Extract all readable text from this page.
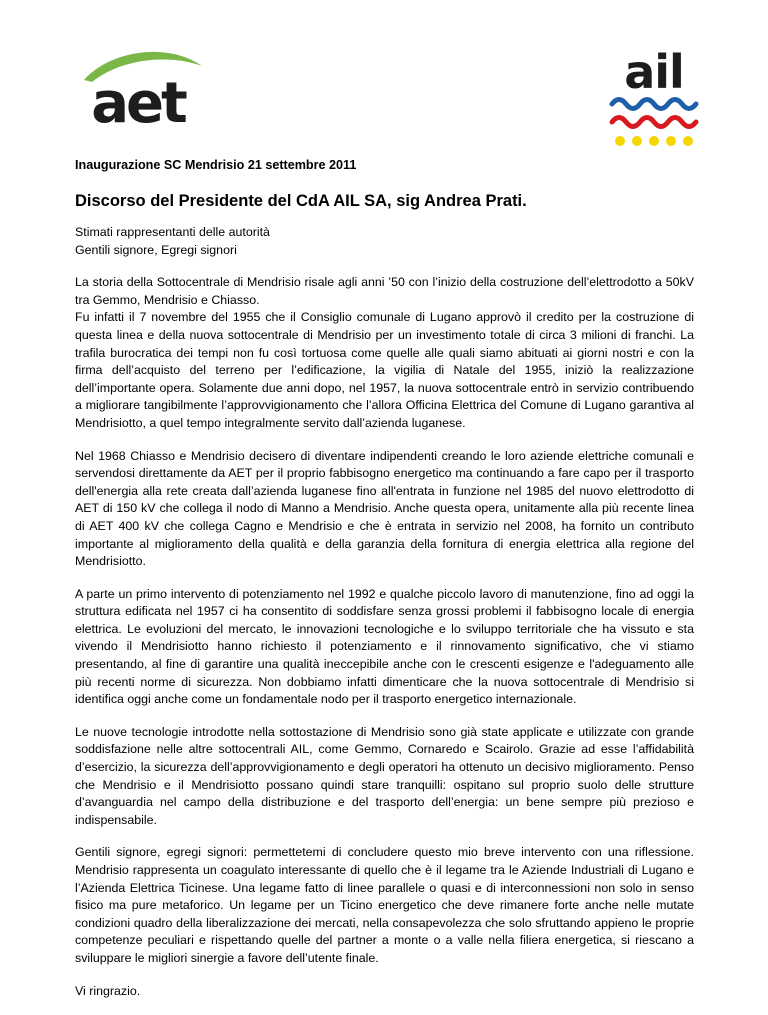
aet	ail
Inaugurazione SC Mendrisio 21 settembre 2011
Discorso del Presidente del CdA AIL SA, sig Andrea Prati.

Stimati rappresentanti delle autorità
Gentili signore, Egregi signori

La storia della Sottocentrale di Mendrisio risale agli anni ’50 con l’inizio della costruzione dell’elettrodotto a 50kV tra Gemmo, Mendrisio e Chiasso.
Fu infatti il 7 novembre del 1955 che il Consiglio comunale di Lugano approvò il credito per la costruzione di questa linea e della nuova sottocentrale di Mendrisio per un investimento totale di circa 3 milioni di franchi. La trafila burocratica dei tempi non fu così tortuosa come quelle alle quali siamo abituati ai giorni nostri e con la firma dell’acquisto del terreno per l’edificazione, la vigilia di Natale del 1955, iniziò la realizzazione dell’importante opera. Solamente due anni dopo, nel 1957, la nuova sottocentrale entrò in servizio contribuendo a migliorare tangibilmente l’approvvigionamento che l’allora Officina Elettrica del Comune di Lugano garantiva al Mendrisiotto, a quel tempo integralmente servito dall’azienda luganese.

Nel 1968 Chiasso e Mendrisio decisero di diventare indipendenti creando le loro aziende elettriche comunali e servendosi direttamente da AET per il proprio fabbisogno energetico ma continuando a fare capo per il trasporto dell'energia alla rete creata dall’azienda luganese fino all'entrata in funzione nel 1985 del nuovo elettrodotto di AET di 150 kV che collega il nodo di Manno a Mendrisio. Anche questa opera, unitamente alla più recente linea di AET 400 kV che collega Cagno e Mendrisio e che è entrata in servizio nel 2008, ha fornito un contributo importante al miglioramento della qualità e della garanzia della fornitura di energia elettrica alla regione del Mendrisiotto.

A parte un primo intervento di potenziamento nel 1992 e qualche piccolo lavoro di manutenzione, fino ad oggi la struttura edificata nel 1957 ci ha consentito di soddisfare senza grossi problemi il fabbisogno locale di energia elettrica. Le evoluzioni del mercato, le innovazioni tecnologiche e lo sviluppo territoriale che ha vissuto e sta vivendo il Mendrisiotto hanno richiesto il potenziamento e il rinnovamento significativo, che vi stiamo presentando, al fine di garantire una qualità ineccepibile anche con le crescenti esigenze e l'adeguamento alle più recenti norme di sicurezza. Non dobbiamo infatti dimenticare che la nuova sottocentrale di Mendrisio si identifica oggi anche come un fondamentale nodo per il trasporto energetico internazionale.

Le nuove tecnologie introdotte nella sottostazione di Mendrisio sono già state applicate e utilizzate con grande soddisfazione nelle altre sottocentrali AIL, come Gemmo, Cornaredo e Scairolo. Grazie ad esse l’affidabilità d’esercizio, la sicurezza dell’approvvigionamento e degli operatori ha ottenuto un decisivo miglioramento. Penso che Mendrisio e il Mendrisiotto possano quindi stare tranquilli: ospitano sul proprio suolo delle strutture d’avanguardia nel campo della distribuzione e del trasporto dell’energia: un bene sempre più prezioso e indispensabile.

Gentili signore, egregi signori: permettetemi di concludere questo mio breve intervento con una riflessione. Mendrisio rappresenta un coagulato interessante di quello che è il legame tra le Aziende Industriali di Lugano e l’Azienda Elettrica Ticinese. Una legame fatto di linee parallele o quasi e di interconnessioni non solo in senso fisico ma pure metaforico. Un legame per un Ticino energetico che deve rimanere forte anche nelle mutate condizioni quadro della liberalizzazione dei mercati, nella consapevolezza che solo sfruttando appieno le proprie competenze peculiari e rispettando quelle del partner a monte o a valle nella filiera energetica, si riescano a sviluppare le migliori sinergie a favore dell’utente finale.

Vi ringrazio.
